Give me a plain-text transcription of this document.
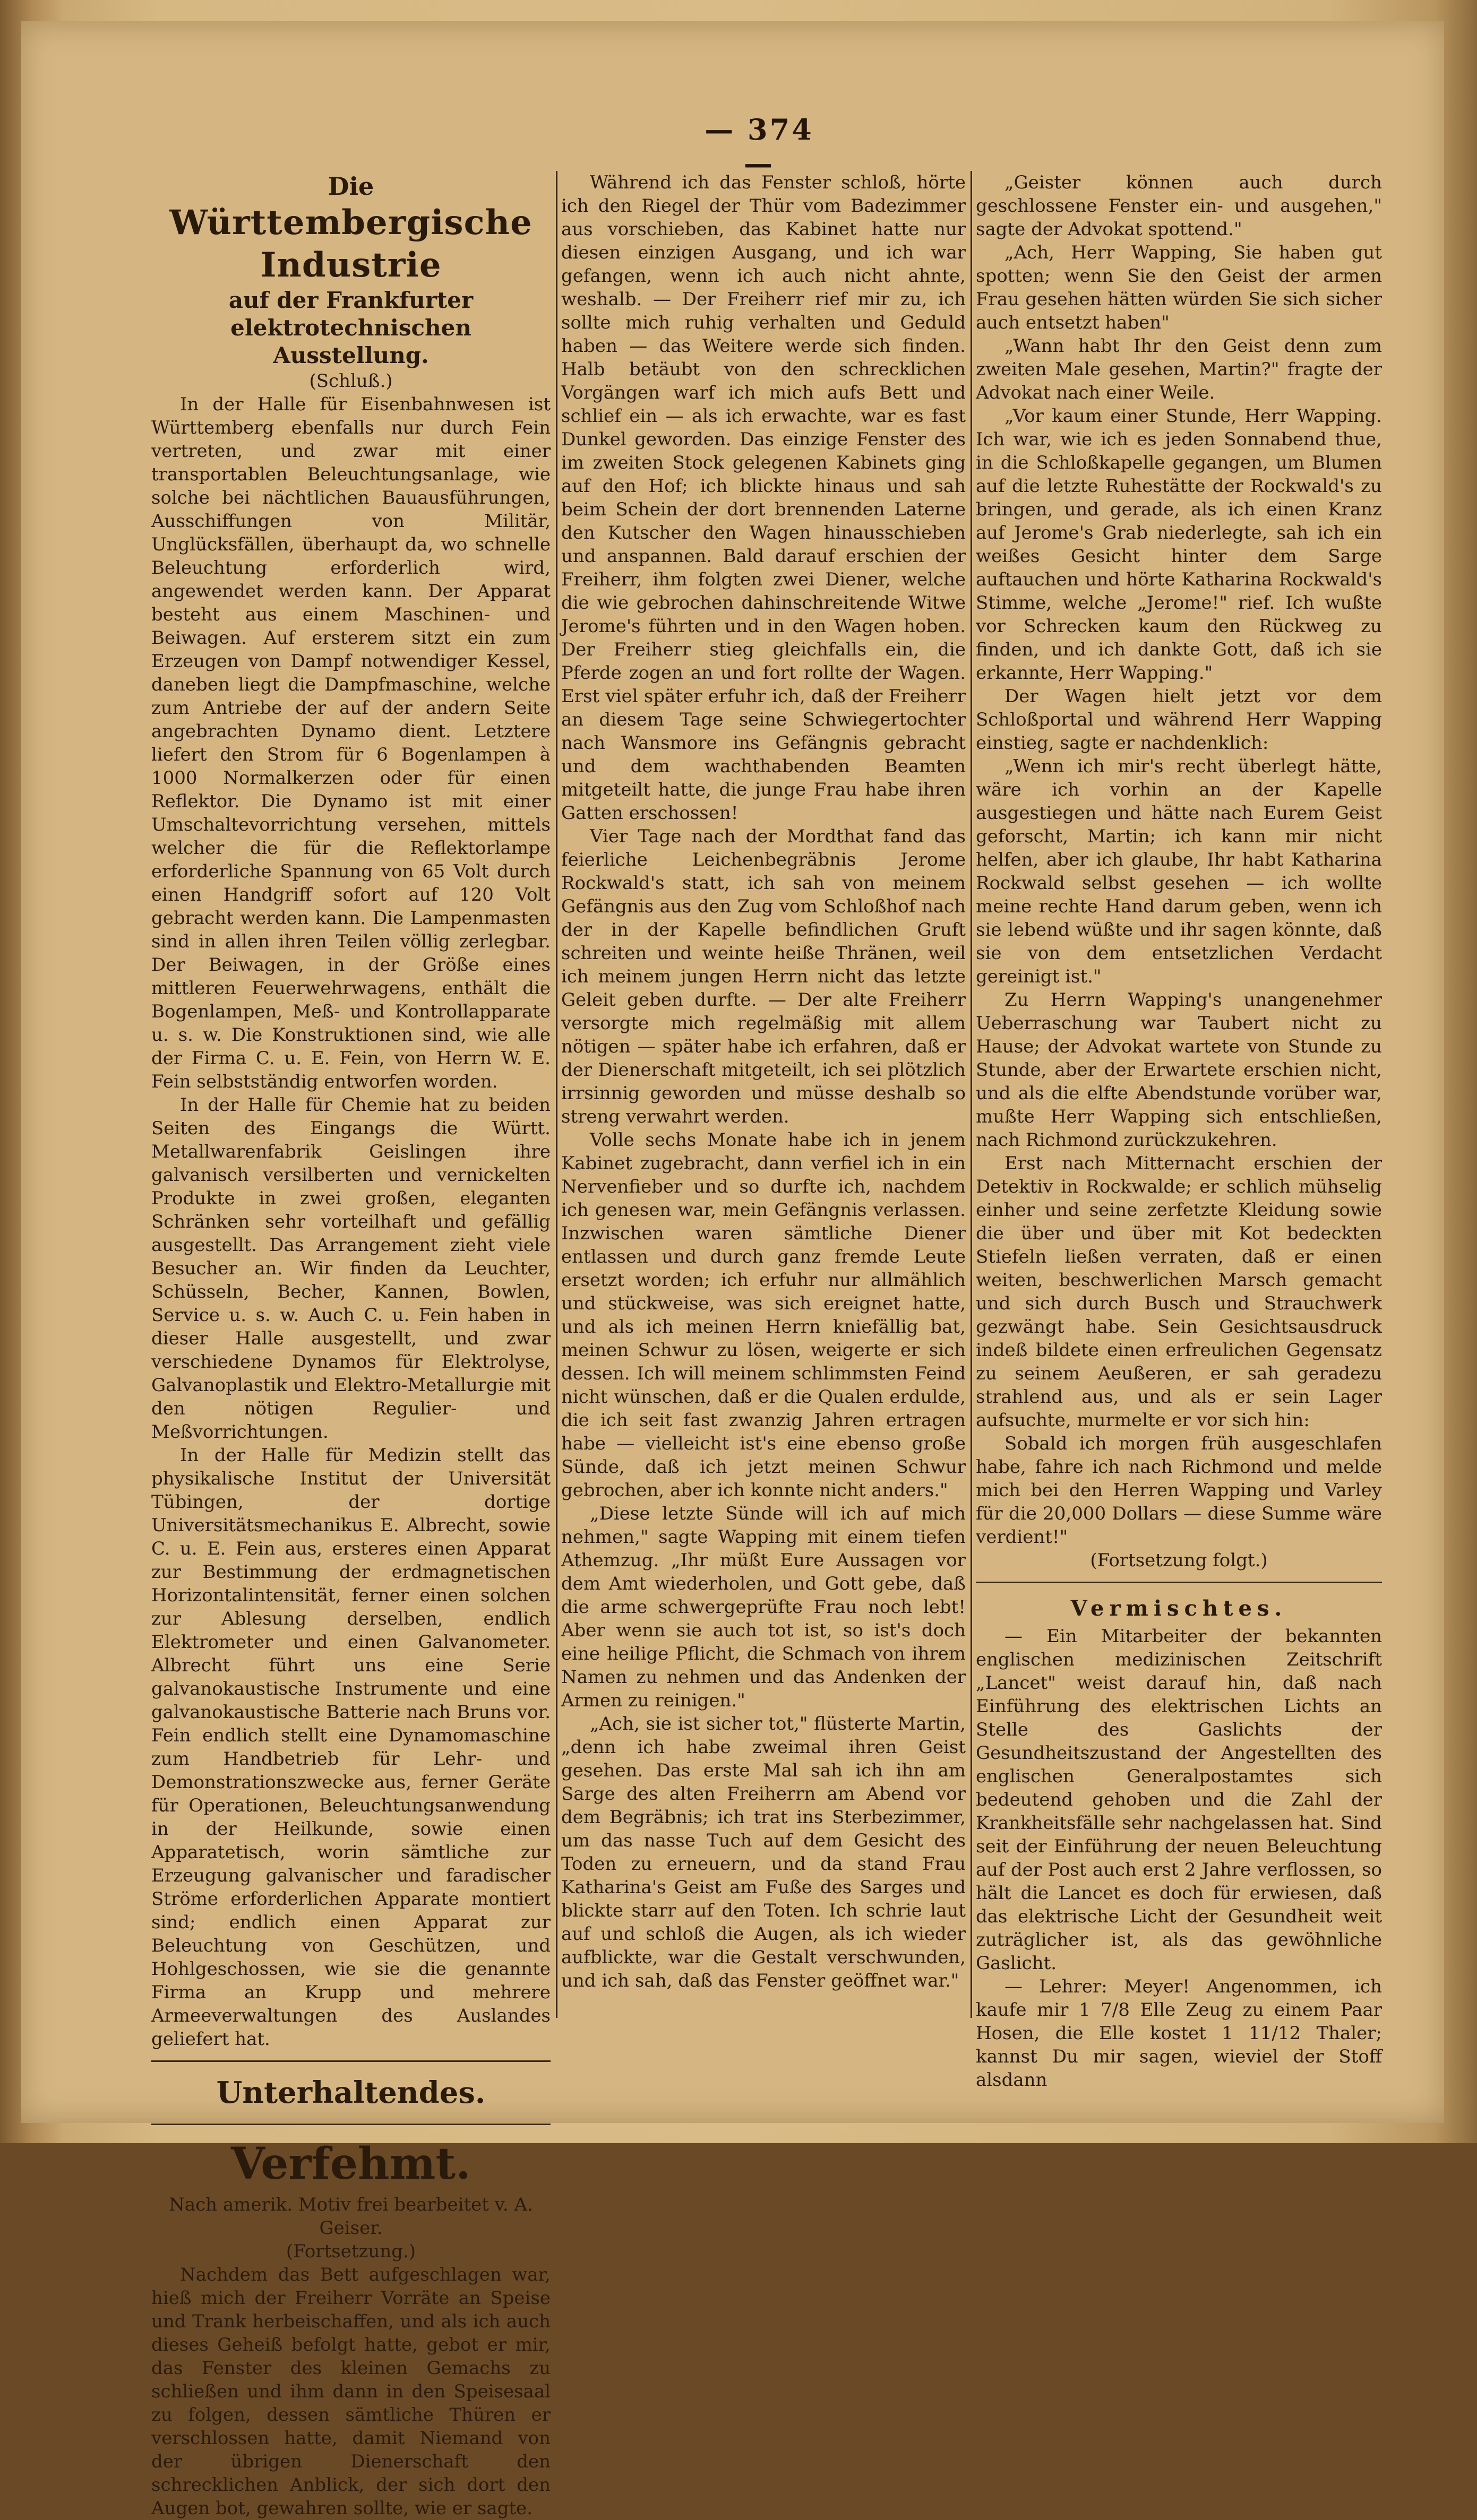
— 374 —

Die

Württembergische Industrie

auf der Frankfurter elektrotechnischen Ausstellung.

(Schluß.)

In der Halle für Eisenbahnwesen ist Württemberg ebenfalls nur durch Fein vertreten, und zwar mit einer transportablen Beleuchtungsanlage, wie solche bei nächtlichen Bauausführungen, Ausschiffungen von Militär, Unglücksfällen, überhaupt da, wo schnelle Beleuchtung erforderlich wird, angewendet werden kann. Der Apparat besteht aus einem Maschinen- und Beiwagen. Auf ersterem sitzt ein zum Erzeugen von Dampf notwendiger Kessel, daneben liegt die Dampfmaschine, welche zum Antriebe der auf der andern Seite angebrachten Dynamo dient. Letztere liefert den Strom für 6 Bogenlampen à 1000 Normalkerzen oder für einen Reflektor. Die Dynamo ist mit einer Umschaltevorrichtung versehen, mittels welcher die für die Reflektorlampe erforderliche Spannung von 65 Volt durch einen Handgriff sofort auf 120 Volt gebracht werden kann. Die Lampenmasten sind in allen ihren Teilen völlig zerlegbar. Der Beiwagen, in der Größe eines mittleren Feuerwehrwagens, enthält die Bogenlampen, Meß- und Kontrollapparate u. s. w. Die Konstruktionen sind, wie alle der Firma C. u. E. Fein, von Herrn W. E. Fein selbstständig entworfen worden.

In der Halle für Chemie hat zu beiden Seiten des Eingangs die Württ. Metallwarenfabrik Geislingen ihre galvanisch versilberten und vernickelten Produkte in zwei großen, eleganten Schränken sehr vorteilhaft und gefällig ausgestellt. Das Arrangement zieht viele Besucher an. Wir finden da Leuchter, Schüsseln, Becher, Kannen, Bowlen, Service u. s. w. Auch C. u. Fein haben in dieser Halle ausgestellt, und zwar verschiedene Dynamos für Elektrolyse, Galvanoplastik und Elektro-Metallurgie mit den nötigen Regulier- und Meßvorrichtungen.

In der Halle für Medizin stellt das physikalische Institut der Universität Tübingen, der dortige Universitätsmechanikus E. Albrecht, sowie C. u. E. Fein aus, ersteres einen Apparat zur Bestimmung der erdmagnetischen Horizontalintensität, ferner einen solchen zur Ablesung derselben, endlich Elektrometer und einen Galvanometer. Albrecht führt uns eine Serie galvanokaustische Instrumente und eine galvanokaustische Batterie nach Bruns vor. Fein endlich stellt eine Dynamomaschine zum Handbetrieb für Lehr- und Demonstrationszwecke aus, ferner Geräte für Operationen, Beleuchtungsanwendung in der Heilkunde, sowie einen Apparatetisch, worin sämtliche zur Erzeugung galvanischer und faradischer Ströme erforderlichen Apparate montiert sind; endlich einen Apparat zur Beleuchtung von Geschützen, und Hohlgeschossen, wie sie die genannte Firma an Krupp und mehrere Armeeverwaltungen des Auslandes geliefert hat.

Unterhaltendes.

Verfehmt.

Nach amerik. Motiv frei bearbeitet v. A. Geiser.

(Fortsetzung.)

Nachdem das Bett aufgeschlagen war, hieß mich der Freiherr Vorräte an Speise und Trank herbeischaffen, und als ich auch dieses Geheiß befolgt hatte, gebot er mir, das Fenster des kleinen Gemachs zu schließen und ihm dann in den Speisesaal zu folgen, dessen sämtliche Thüren er verschlossen hatte, damit Niemand von der übrigen Dienerschaft den schrecklichen Anblick, der sich dort den Augen bot, gewahren sollte, wie er sagte.

Während ich das Fenster schloß, hörte ich den Riegel der Thür vom Badezimmer aus vorschieben, das Kabinet hatte nur diesen einzigen Ausgang, und ich war gefangen, wenn ich auch nicht ahnte, weshalb. — Der Freiherr rief mir zu, ich sollte mich ruhig verhalten und Geduld haben — das Weitere werde sich finden. Halb betäubt von den schrecklichen Vorgängen warf ich mich aufs Bett und schlief ein — als ich erwachte, war es fast Dunkel geworden. Das einzige Fenster des im zweiten Stock gelegenen Kabinets ging auf den Hof; ich blickte hinaus und sah beim Schein der dort brennenden Laterne den Kutscher den Wagen hinausschieben und anspannen. Bald darauf erschien der Freiherr, ihm folgten zwei Diener, welche die wie gebrochen dahinschreitende Witwe Jerome's führten und in den Wagen hoben. Der Freiherr stieg gleichfalls ein, die Pferde zogen an und fort rollte der Wagen. Erst viel später erfuhr ich, daß der Freiherr an diesem Tage seine Schwiegertochter nach Wansmore ins Gefängnis gebracht und dem wachthabenden Beamten mitgeteilt hatte, die junge Frau habe ihren Gatten erschossen!

Vier Tage nach der Mordthat fand das feierliche Leichenbegräbnis Jerome Rockwald's statt, ich sah von meinem Gefängnis aus den Zug vom Schloßhof nach der in der Kapelle befindlichen Gruft schreiten und weinte heiße Thränen, weil ich meinem jungen Herrn nicht das letzte Geleit geben durfte. — Der alte Freiherr versorgte mich regelmäßig mit allem nötigen — später habe ich erfahren, daß er der Dienerschaft mitgeteilt, ich sei plötzlich irrsinnig geworden und müsse deshalb so streng verwahrt werden.

Volle sechs Monate habe ich in jenem Kabinet zugebracht, dann verfiel ich in ein Nervenfieber und so durfte ich, nachdem ich genesen war, mein Gefängnis verlassen. Inzwischen waren sämtliche Diener entlassen und durch ganz fremde Leute ersetzt worden; ich erfuhr nur allmählich und stückweise, was sich ereignet hatte, und als ich meinen Herrn kniefällig bat, meinen Schwur zu lösen, weigerte er sich dessen. Ich will meinem schlimmsten Feind nicht wünschen, daß er die Qualen erdulde, die ich seit fast zwanzig Jahren ertragen habe — vielleicht ist's eine ebenso große Sünde, daß ich jetzt meinen Schwur gebrochen, aber ich konnte nicht anders."

„Diese letzte Sünde will ich auf mich nehmen," sagte Wapping mit einem tiefen Athemzug. „Ihr müßt Eure Aussagen vor dem Amt wiederholen, und Gott gebe, daß die arme schwergeprüfte Frau noch lebt! Aber wenn sie auch tot ist, so ist's doch eine heilige Pflicht, die Schmach von ihrem Namen zu nehmen und das Andenken der Armen zu reinigen."

„Ach, sie ist sicher tot," flüsterte Martin, „denn ich habe zweimal ihren Geist gesehen. Das erste Mal sah ich ihn am Sarge des alten Freiherrn am Abend vor dem Begräbnis; ich trat ins Sterbezimmer, um das nasse Tuch auf dem Gesicht des Toden zu erneuern, und da stand Frau Katharina's Geist am Fuße des Sarges und blickte starr auf den Toten. Ich schrie laut auf und schloß die Augen, als ich wieder aufblickte, war die Gestalt verschwunden, und ich sah, daß das Fenster geöffnet war."

„Geister können auch durch geschlossene Fenster ein- und ausgehen," sagte der Advokat spottend."

„Ach, Herr Wapping, Sie haben gut spotten; wenn Sie den Geist der armen Frau gesehen hätten würden Sie sich sicher auch entsetzt haben"

„Wann habt Ihr den Geist denn zum zweiten Male gesehen, Martin?" fragte der Advokat nach einer Weile.

„Vor kaum einer Stunde, Herr Wapping. Ich war, wie ich es jeden Sonnabend thue, in die Schloßkapelle gegangen, um Blumen auf die letzte Ruhestätte der Rockwald's zu bringen, und gerade, als ich einen Kranz auf Jerome's Grab niederlegte, sah ich ein weißes Gesicht hinter dem Sarge auftauchen und hörte Katharina Rockwald's Stimme, welche „Jerome!" rief. Ich wußte vor Schrecken kaum den Rückweg zu finden, und ich dankte Gott, daß ich sie erkannte, Herr Wapping."

Der Wagen hielt jetzt vor dem Schloßportal und während Herr Wapping einstieg, sagte er nachdenklich:

„Wenn ich mir's recht überlegt hätte, wäre ich vorhin an der Kapelle ausgestiegen und hätte nach Eurem Geist geforscht, Martin; ich kann mir nicht helfen, aber ich glaube, Ihr habt Katharina Rockwald selbst gesehen — ich wollte meine rechte Hand darum geben, wenn ich sie lebend wüßte und ihr sagen könnte, daß sie von dem entsetzlichen Verdacht gereinigt ist."

Zu Herrn Wapping's unangenehmer Ueberraschung war Taubert nicht zu Hause; der Advokat wartete von Stunde zu Stunde, aber der Erwartete erschien nicht, und als die elfte Abendstunde vorüber war, mußte Herr Wapping sich entschließen, nach Richmond zurückzukehren.

Erst nach Mitternacht erschien der Detektiv in Rockwalde; er schlich mühselig einher und seine zerfetzte Kleidung sowie die über und über mit Kot bedeckten Stiefeln ließen verraten, daß er einen weiten, beschwerlichen Marsch gemacht und sich durch Busch und Strauchwerk gezwängt habe. Sein Gesichtsausdruck indeß bildete einen erfreulichen Gegensatz zu seinem Aeußeren, er sah geradezu strahlend aus, und als er sein Lager aufsuchte, murmelte er vor sich hin:

Sobald ich morgen früh ausgeschlafen habe, fahre ich nach Richmond und melde mich bei den Herren Wapping und Varley für die 20,000 Dollars — diese Summe wäre verdient!"

(Fortsetzung folgt.)

Vermischtes.

— Ein Mitarbeiter der bekannten englischen medizinischen Zeitschrift „Lancet" weist darauf hin, daß nach Einführung des elektrischen Lichts an Stelle des Gaslichts der Gesundheitszustand der Angestellten des englischen Generalpostamtes sich bedeutend gehoben und die Zahl der Krankheitsfälle sehr nachgelassen hat. Sind seit der Einführung der neuen Beleuchtung auf der Post auch erst 2 Jahre verflossen, so hält die Lancet es doch für erwiesen, daß das elektrische Licht der Gesundheit weit zuträglicher ist, als das gewöhnliche Gaslicht.

— Lehrer: Meyer! Angenommen, ich kaufe mir 1 7/8 Elle Zeug zu einem Paar Hosen, die Elle kostet 1 11/12 Thaler; kannst Du mir sagen, wieviel der Stoff alsdann
